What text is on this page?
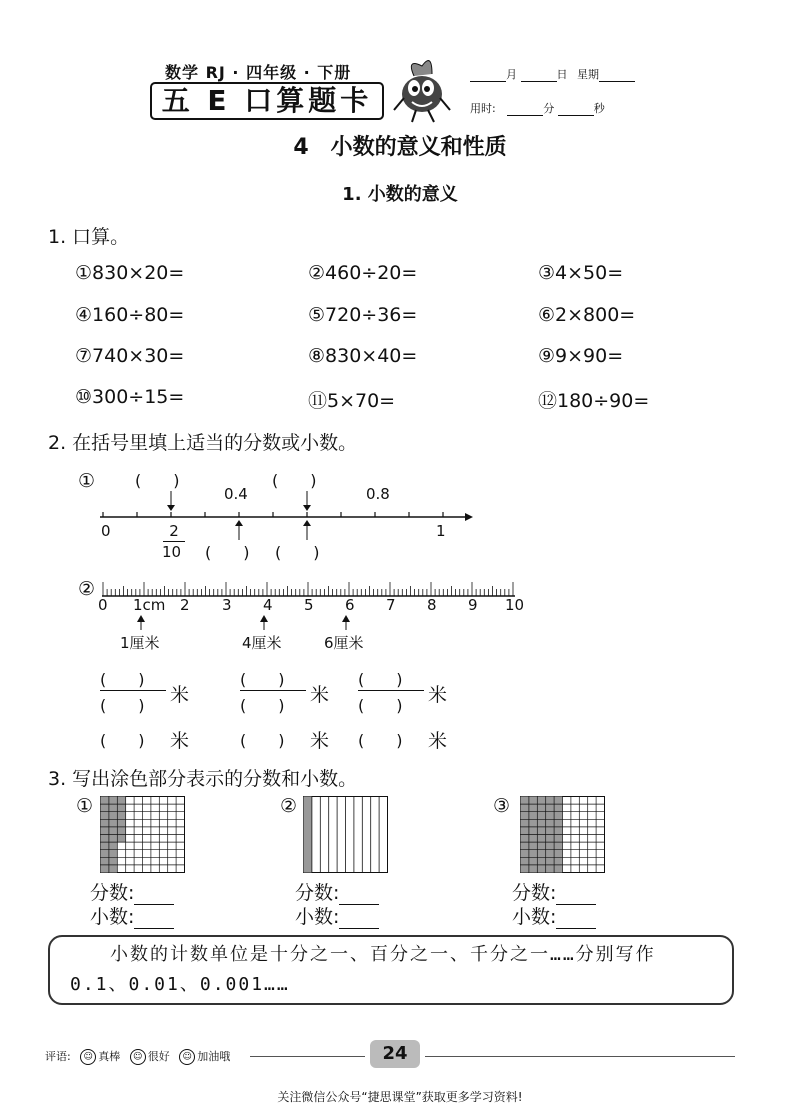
数学 RJ · 四年级 · 下册
五 E 口算题卡
月	日 星期
用时:	分	秒
4　小数的意义和性质
1. 小数的意义
1. 口算。
①830×20=	②460÷20=	③4×50=
④160÷80=	⑤720÷36=	⑥2×800=
⑦740×30=	⑧830×40=	⑨9×90=
⑩300÷15=	⑪5×70=	⑫180÷90=
2. 在括号里填上适当的分数或小数。
① (　　)	(　　)
0.4	0.8
0	1
2
10 (　　) (　　)
②
0 1cm 2 3 4 5 6 7 8 9 10
1厘米	4厘米	6厘米
(　　)
(　　) 米
(　　)
(　　) 米
(　　)
(　　) 米
(　　) 米	(　　) 米 (　　) 米
3. 写出涂色部分表示的分数和小数。
①
分数:
小数:
②
分数:
小数:
③
分数:
小数:
　　小数的计数单位是十分之一、百分之一、千分之一……分别写作 0.1、0.01、0.001……
评语: ☺ 真棒 ☺ 很好 ☺ 加油哦	24
关注微信公众号“捷思课堂”获取更多学习资料!
